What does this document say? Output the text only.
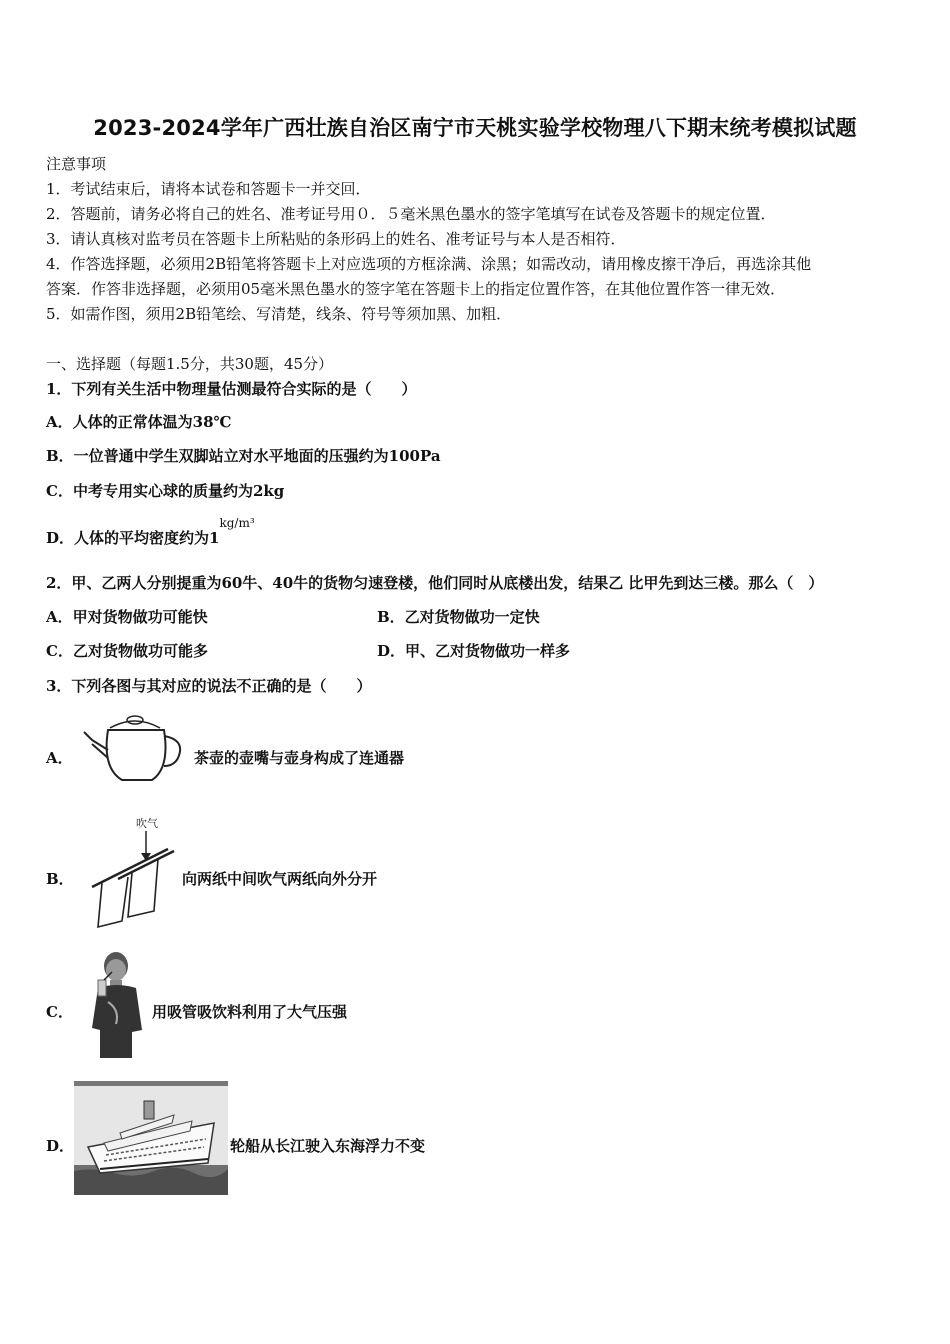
2023-2024学年广西壮族自治区南宁市天桃实验学校物理八下期末统考模拟试题
注意事项
1．考试结束后，请将本试卷和答题卡一并交回．
2．答题前，请务必将自己的姓名、准考证号用０．５毫米黑色墨水的签字笔填写在试卷及答题卡的规定位置．
3．请认真核对监考员在答题卡上所粘贴的条形码上的姓名、准考证号与本人是否相符．
4．作答选择题，必须用2B铅笔将答题卡上对应选项的方框涂满、涂黑；如需改动，请用橡皮擦干净后，再选涂其他
答案．作答非选择题，必须用05毫米黑色墨水的签字笔在答题卡上的指定位置作答，在其他位置作答一律无效．
5．如需作图，须用2B铅笔绘、写清楚，线条、符号等须加黑、加粗．
一、选择题（每题1.5分，共30题，45分）
1．下列有关生活中物理量估测最符合实际的是（　　）
A．人体的正常体温为38℃
B．一位普通中学生双脚站立对水平地面的压强约为100Pa
C．中考专用实心球的质量约为2kg
D．人体的平均密度约为$1^{kg/m^3}$
2．甲、乙两人分别提重为60牛、40牛的货物匀速登楼，他们同时从底楼出发，结果乙 比甲先到达三楼。那么（　）
A．甲对货物做功可能快	B．乙对货物做功一定快
C．乙对货物做功可能多	D．甲、乙对货物做功一样多
3．下列各图与其对应的说法不正确的是（　　）
A．	茶壶的壶嘴与壶身构成了连通器
B．
吹气
向两纸中间吹气两纸向外分开
C．	用吸管吸饮料利用了大气压强
D．	轮船从长江驶入东海浮力不变
